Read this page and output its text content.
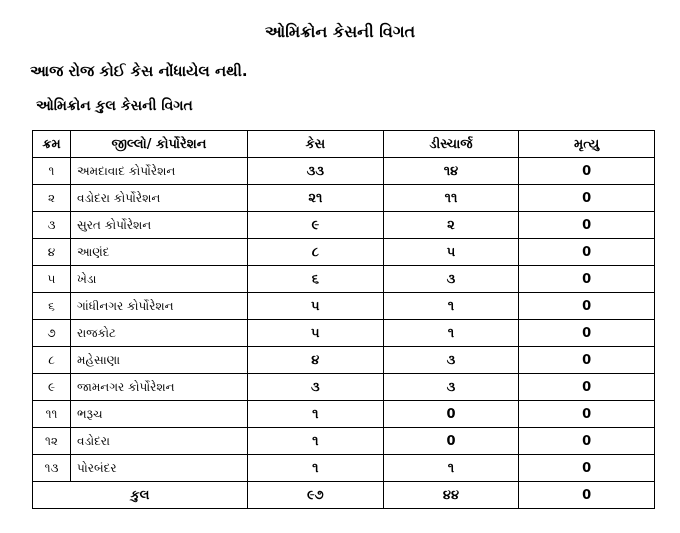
ઓમિક્રોન કેસની વિગત
આજ રોજ કોઈ કેસ નોંધાયેલ નથી.
ઓમિક્રોન કુલ કેસની વિગત
ક્રમ	જીલ્લો/ કોર્પોરેશન	કેસ	ડીસ્ચાર્જ	મૃત્યુ
૧	અમદાવાદ કોર્પોરેશન	૩૩	૧૪	0
૨	વડોદરા કોર્પોરેશન	૨૧	૧૧	0
૩	સુરત કોર્પોરેશન	૯	૨	0
૪	આણંદ	૮	૫	0
૫	ખેડા	૬	૩	0
૬	ગાંધીનગર કોર્પોરેશન	૫	૧	0
૭	રાજકોટ	૫	૧	0
૮	મહેસાણા	૪	૩	0
૯	જામનગર કોર્પોરેશન	૩	૩	0
૧૧	ભરૂચ	૧	0	0
૧૨	વડોદરા	૧	0	0
૧૩	પોરબંદર	૧	૧	0
કુલ		૯૭	૪૪	0
